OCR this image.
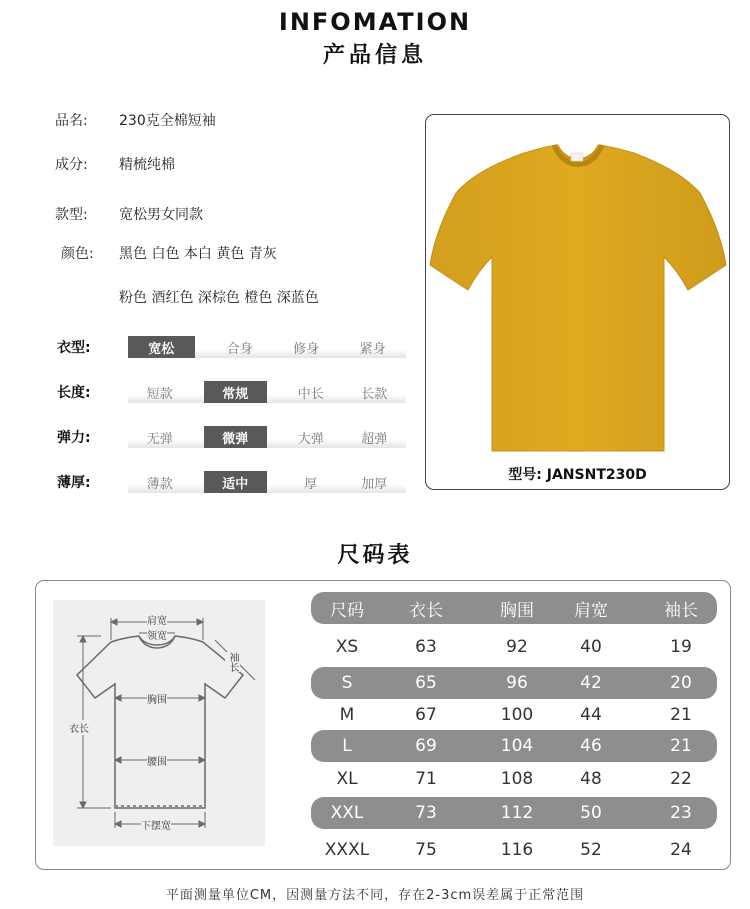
INFOMATION
产品信息
品名: 230克全棉短袖
成分: 精梳纯棉
款型: 宽松男女同款
颜色: 黑色 白色 本白 黄色 青灰
粉色 酒红色 深棕色 橙色 深蓝色
衣型:	宽松	合身	修身	紧身
长度:	短款	常规	中长	长款
弹力:	无弹	微弹	大弹	超弹
薄厚:	薄款	适中	厚	加厚
型号: JANSNT230D
尺码表
肩宽
领宽
袖长
胸围
衣长
腰围
下摆宽
尺码	衣长	胸围	肩宽	袖长
XS	63	92	40	19
S	65	96	42	20
M	67	100	44	21
L	69	104	46	21
XL	71	108	48	22
XXL	73	112	50	23
XXXL	75	116	52	24
平面测量单位CM，因测量方法不同，存在2-3cm误差属于正常范围
